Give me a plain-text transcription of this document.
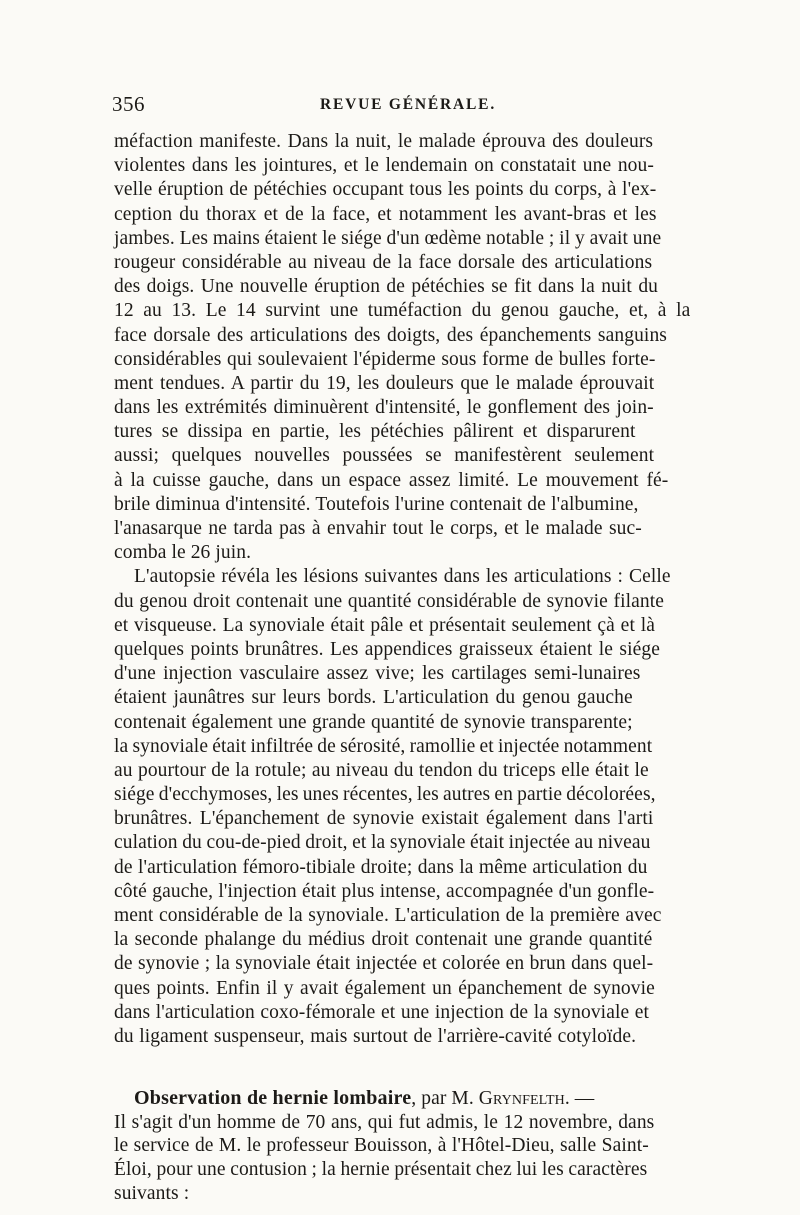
356	REVUE GÉNÉRALE.
méfaction manifeste. Dans la nuit, le malade éprouva des douleurs
violentes dans les jointures, et le lendemain on constatait une nou-
velle éruption de pétéchies occupant tous les points du corps, à l'ex-
ception du thorax et de la face, et notamment les avant-bras et les
jambes. Les mains étaient le siége d'un œdème notable ; il y avait une
rougeur considérable au niveau de la face dorsale des articulations
des doigs. Une nouvelle éruption de pétéchies se fit dans la nuit du
12 au 13. Le 14 survint une tuméfaction du genou gauche, et, à la
face dorsale des articulations des doigts, des épanchements sanguins
considérables qui soulevaient l'épiderme sous forme de bulles forte-
ment tendues. A partir du 19, les douleurs que le malade éprouvait
dans les extrémités diminuèrent d'intensité, le gonflement des join-
tures se dissipa en partie, les pétéchies pâlirent et disparurent
aussi; quelques nouvelles poussées se manifestèrent seulement
à la cuisse gauche, dans un espace assez limité. Le mouvement fé-
brile diminua d'intensité. Toutefois l'urine contenait de l'albumine,
l'anasarque ne tarda pas à envahir tout le corps, et le malade suc-
comba le 26 juin.
L'autopsie révéla les lésions suivantes dans les articulations : Celle
du genou droit contenait une quantité considérable de synovie filante
et visqueuse. La synoviale était pâle et présentait seulement çà et là
quelques points brunâtres. Les appendices graisseux étaient le siége
d'une injection vasculaire assez vive; les cartilages semi-lunaires
étaient jaunâtres sur leurs bords. L'articulation du genou gauche
contenait également une grande quantité de synovie transparente;
la synoviale était infiltrée de sérosité, ramollie et injectée notamment
au pourtour de la rotule; au niveau du tendon du triceps elle était le
siége d'ecchymoses, les unes récentes, les autres en partie décolorées,
brunâtres. L'épanchement de synovie existait également dans l'arti
culation du cou-de-pied droit, et la synoviale était injectée au niveau
de l'articulation fémoro-tibiale droite; dans la même articulation du
côté gauche, l'injection était plus intense, accompagnée d'un gonfle-
ment considérable de la synoviale. L'articulation de la première avec
la seconde phalange du médius droit contenait une grande quantité
de synovie ; la synoviale était injectée et colorée en brun dans quel-
ques points. Enfin il y avait également un épanchement de synovie
dans l'articulation coxo-fémorale et une injection de la synoviale et
du ligament suspenseur, mais surtout de l'arrière-cavité cotyloïde.
Observation de hernie lombaire, par M. Grynfelth. —
Il s'agit d'un homme de 70 ans, qui fut admis, le 12 novembre, dans
le service de M. le professeur Bouisson, à l'Hôtel-Dieu, salle Saint-
Éloi, pour une contusion ; la hernie présentait chez lui les caractères
suivants :
